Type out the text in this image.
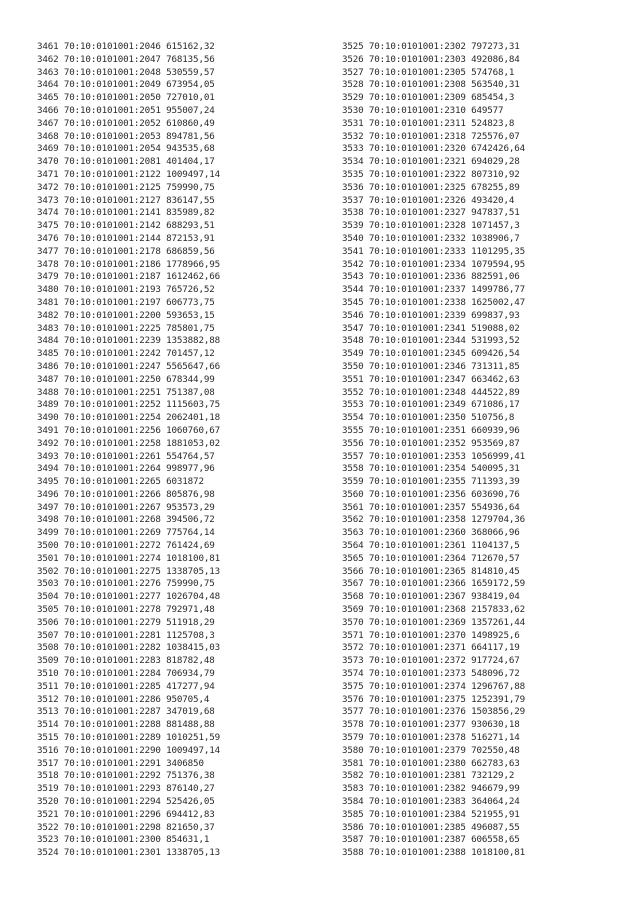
3461 70:10:0101001:2046 615162,32
3462 70:10:0101001:2047 768135,56
3463 70:10:0101001:2048 530559,57
3464 70:10:0101001:2049 673954,05
3465 70:10:0101001:2050 727010,01
3466 70:10:0101001:2051 955007,24
3467 70:10:0101001:2052 610860,49
3468 70:10:0101001:2053 894781,56
3469 70:10:0101001:2054 943535,68
3470 70:10:0101001:2081 401404,17
3471 70:10:0101001:2122 1009497,14
3472 70:10:0101001:2125 759990,75
3473 70:10:0101001:2127 836147,55
3474 70:10:0101001:2141 835989,82
3475 70:10:0101001:2142 688293,51
3476 70:10:0101001:2144 872153,91
3477 70:10:0101001:2178 686859,56
3478 70:10:0101001:2186 1778966,95
3479 70:10:0101001:2187 1612462,66
3480 70:10:0101001:2193 765726,52
3481 70:10:0101001:2197 606773,75
3482 70:10:0101001:2200 593653,15
3483 70:10:0101001:2225 785801,75
3484 70:10:0101001:2239 1353882,88
3485 70:10:0101001:2242 701457,12
3486 70:10:0101001:2247 5565647,66
3487 70:10:0101001:2250 678344,99
3488 70:10:0101001:2251 751387,08
3489 70:10:0101001:2252 1115603,75
3490 70:10:0101001:2254 2062401,18
3491 70:10:0101001:2256 1060760,67
3492 70:10:0101001:2258 1881053,02
3493 70:10:0101001:2261 554764,57
3494 70:10:0101001:2264 998977,96
3495 70:10:0101001:2265 6031872
3496 70:10:0101001:2266 805876,98
3497 70:10:0101001:2267 953573,29
3498 70:10:0101001:2268 394506,72
3499 70:10:0101001:2269 775764,14
3500 70:10:0101001:2272 761424,69
3501 70:10:0101001:2274 1018100,81
3502 70:10:0101001:2275 1338705,13
3503 70:10:0101001:2276 759990,75
3504 70:10:0101001:2277 1026704,48
3505 70:10:0101001:2278 792971,48
3506 70:10:0101001:2279 511918,29
3507 70:10:0101001:2281 1125708,3
3508 70:10:0101001:2282 1038415,03
3509 70:10:0101001:2283 818782,48
3510 70:10:0101001:2284 706934,79
3511 70:10:0101001:2285 417277,94
3512 70:10:0101001:2286 950705,4
3513 70:10:0101001:2287 347019,68
3514 70:10:0101001:2288 881488,88
3515 70:10:0101001:2289 1010251,59
3516 70:10:0101001:2290 1009497,14
3517 70:10:0101001:2291 3406850
3518 70:10:0101001:2292 751376,38
3519 70:10:0101001:2293 876140,27
3520 70:10:0101001:2294 525426,05
3521 70:10:0101001:2296 694412,83
3522 70:10:0101001:2298 821650,37
3523 70:10:0101001:2300 854631,1
3524 70:10:0101001:2301 1338705,13
3525 70:10:0101001:2302 797273,31
3526 70:10:0101001:2303 492086,84
3527 70:10:0101001:2305 574768,1
3528 70:10:0101001:2308 563540,31
3529 70:10:0101001:2309 685454,3
3530 70:10:0101001:2310 649577
3531 70:10:0101001:2311 524823,8
3532 70:10:0101001:2318 725576,07
3533 70:10:0101001:2320 6742426,64
3534 70:10:0101001:2321 694029,28
3535 70:10:0101001:2322 807310,92
3536 70:10:0101001:2325 678255,89
3537 70:10:0101001:2326 493420,4
3538 70:10:0101001:2327 947837,51
3539 70:10:0101001:2328 1071457,3
3540 70:10:0101001:2332 1038906,7
3541 70:10:0101001:2333 1101295,35
3542 70:10:0101001:2334 1079594,95
3543 70:10:0101001:2336 882591,06
3544 70:10:0101001:2337 1499786,77
3545 70:10:0101001:2338 1625002,47
3546 70:10:0101001:2339 699837,93
3547 70:10:0101001:2341 519088,02
3548 70:10:0101001:2344 531993,52
3549 70:10:0101001:2345 609426,54
3550 70:10:0101001:2346 731311,85
3551 70:10:0101001:2347 663462,63
3552 70:10:0101001:2348 444522,89
3553 70:10:0101001:2349 671086,17
3554 70:10:0101001:2350 510756,8
3555 70:10:0101001:2351 660939,96
3556 70:10:0101001:2352 953569,87
3557 70:10:0101001:2353 1056999,41
3558 70:10:0101001:2354 540095,31
3559 70:10:0101001:2355 711393,39
3560 70:10:0101001:2356 603690,76
3561 70:10:0101001:2357 554936,64
3562 70:10:0101001:2358 1279704,36
3563 70:10:0101001:2360 368066,96
3564 70:10:0101001:2361 1104137,5
3565 70:10:0101001:2364 712670,57
3566 70:10:0101001:2365 814810,45
3567 70:10:0101001:2366 1659172,59
3568 70:10:0101001:2367 938419,04
3569 70:10:0101001:2368 2157833,62
3570 70:10:0101001:2369 1357261,44
3571 70:10:0101001:2370 1498925,6
3572 70:10:0101001:2371 664117,19
3573 70:10:0101001:2372 917724,67
3574 70:10:0101001:2373 548096,72
3575 70:10:0101001:2374 1296767,88
3576 70:10:0101001:2375 1252391,79
3577 70:10:0101001:2376 1503856,29
3578 70:10:0101001:2377 930630,18
3579 70:10:0101001:2378 516271,14
3580 70:10:0101001:2379 702550,48
3581 70:10:0101001:2380 662783,63
3582 70:10:0101001:2381 732129,2
3583 70:10:0101001:2382 946679,99
3584 70:10:0101001:2383 364064,24
3585 70:10:0101001:2384 521955,91
3586 70:10:0101001:2385 496087,55
3587 70:10:0101001:2387 606558,65
3588 70:10:0101001:2388 1018100,81
